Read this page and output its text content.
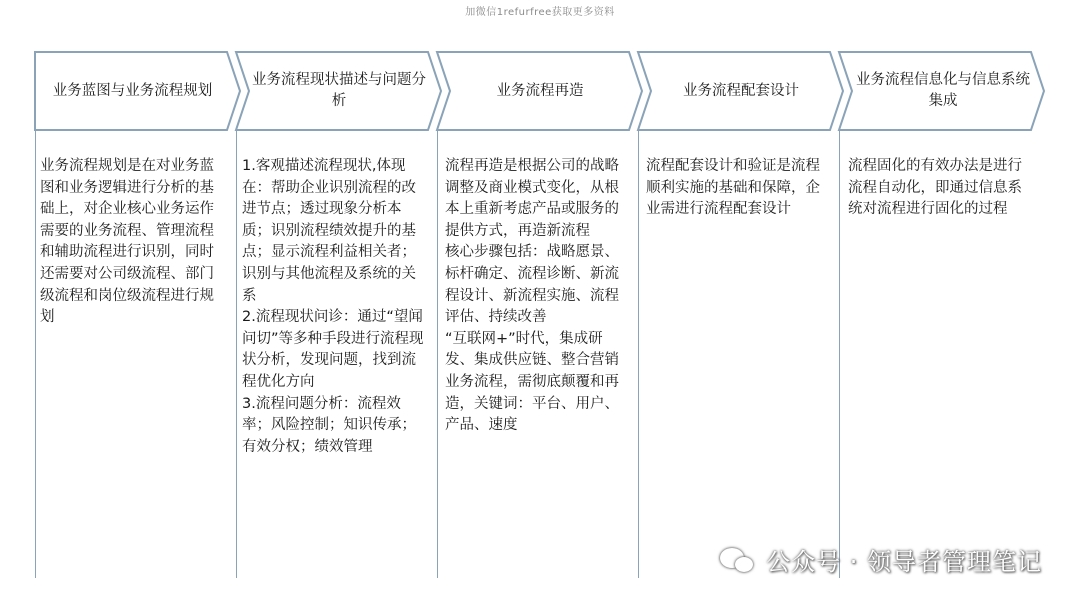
加微信1refurfree获取更多资料
业务蓝图与业务流程规划
业务流程现状描述与问题分析
业务流程再造	业务流程配套设计
业务流程信息化与信息系统集成
业务流程规划是在对业务蓝图和业务逻辑进行分析的基础上，对企业核心业务运作需要的业务流程、管理流程和辅助流程进行识别，同时还需要对公司级流程、部门级流程和岗位级流程进行规划
1.客观描述流程现状,体现在：帮助企业识别流程的改进节点；透过现象分析本质；识别流程绩效提升的基点；显示流程利益相关者；识别与其他流程及系统的关系
2.流程现状问诊：通过“望闻问切”等多种手段进行流程现状分析，发现问题，找到流程优化方向
3.流程问题分析：流程效率；风险控制；知识传承；有效分权；绩效管理
流程再造是根据公司的战略调整及商业模式变化，从根本上重新考虑产品或服务的提供方式，再造新流程
核心步骤包括：战略愿景、标杆确定、流程诊断、新流程设计、新流程实施、流程评估、持续改善
“互联网+”时代，集成研发、集成供应链、整合营销业务流程，需彻底颠覆和再造，关键词：平台、用户、产品、速度
流程配套设计和验证是流程顺利实施的基础和保障，企业需进行流程配套设计
流程固化的有效办法是进行流程自动化，即通过信息系统对流程进行固化的过程
公众号 · 领导者管理笔记
